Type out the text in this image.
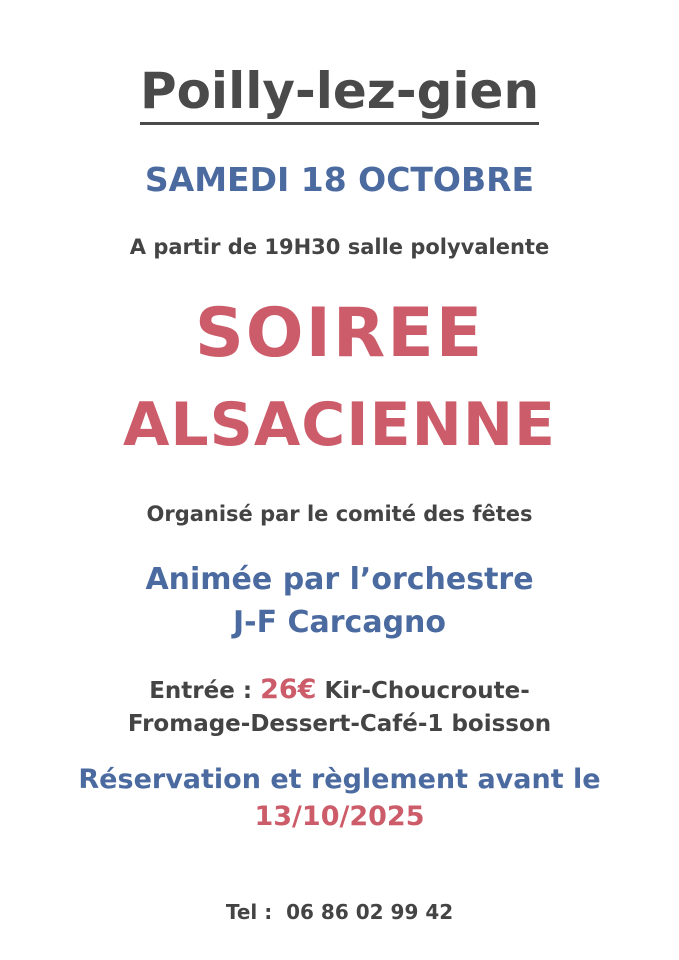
Poilly-lez-gien
SAMEDI 18 OCTOBRE
A partir de 19H30 salle polyvalente
SOIREE
ALSACIENNE
Organisé par le comité des fêtes
Animée par l’orchestre
J-F Carcagno
Entrée : 26€ Kir-Choucroute-
Fromage-Dessert-Café-1 boisson
Réservation et règlement avant le
13/10/2025
Tel : 06 86 02 99 42
